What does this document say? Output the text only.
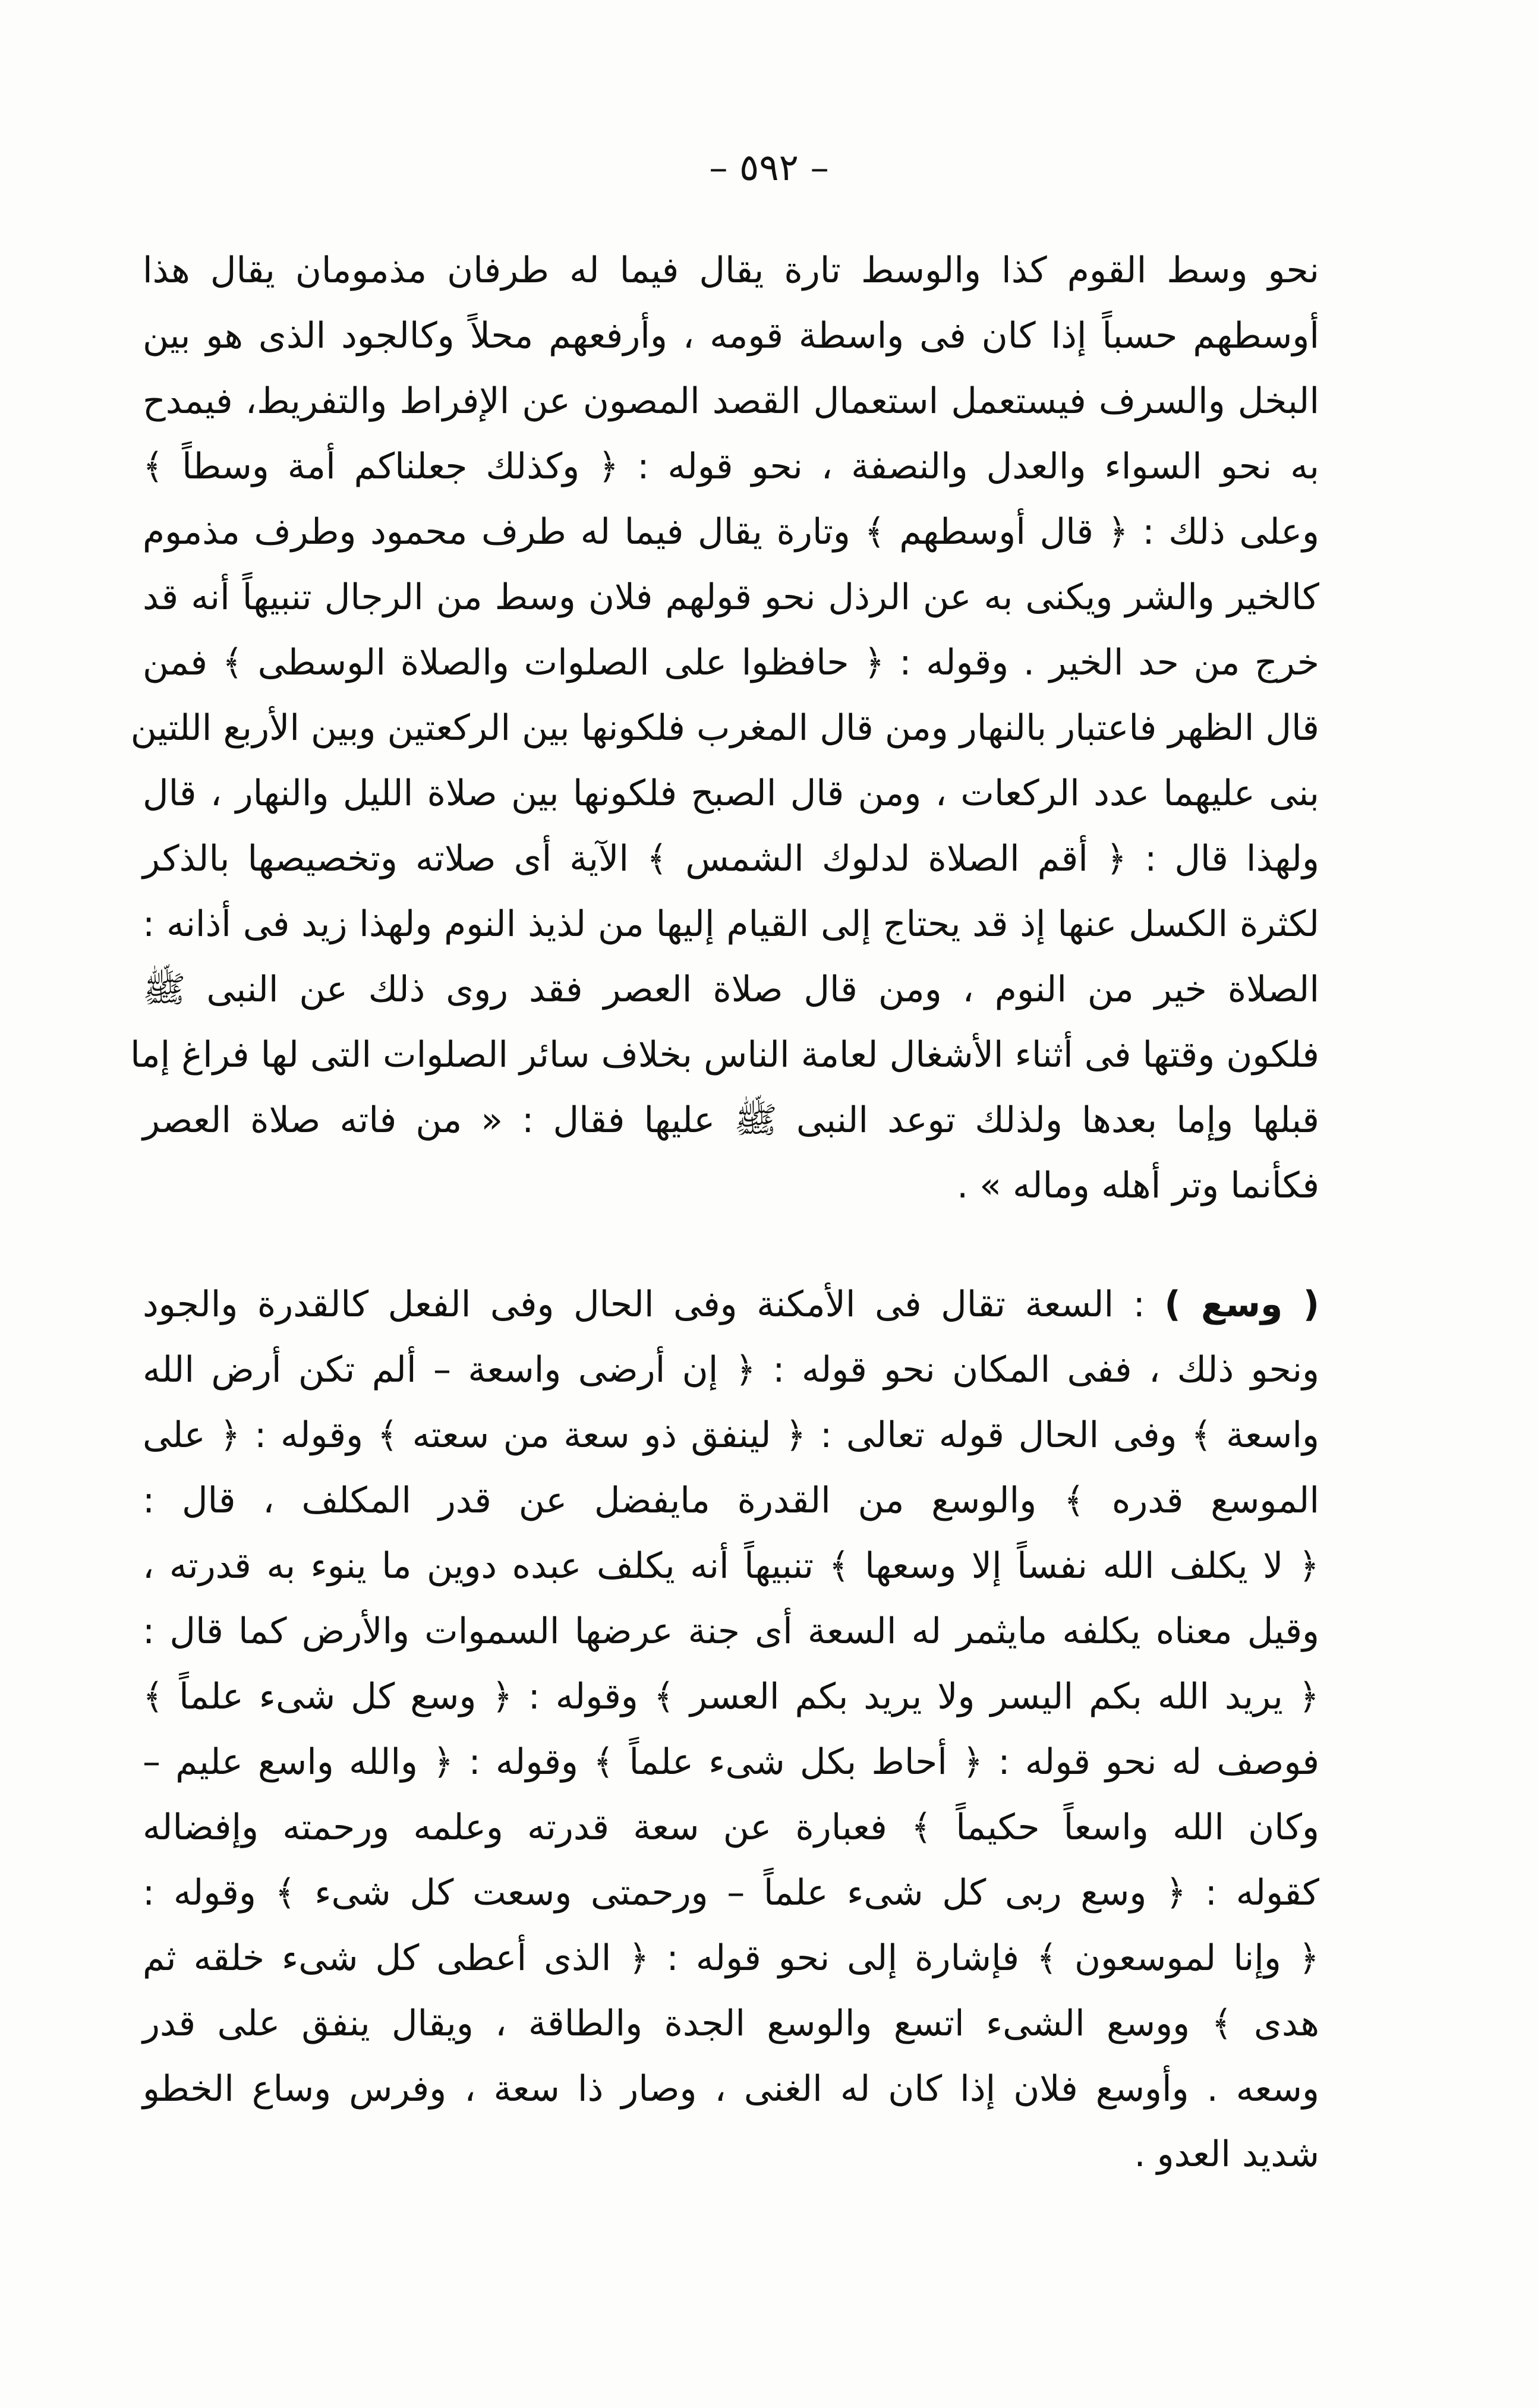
– ٥٩٢ –
نحو وسط القوم كذا والوسط تارة يقال فيما له طرفان مذمومان يقال هذا
أوسطهم حسباً إذا كان فى واسطة قومه ، وأرفعهم محلاً وكالجود الذى هو بين
البخل والسرف فيستعمل استعمال القصد المصون عن الإفراط والتفريط، فيمدح
به نحو السواء والعدل والنصفة ، نحو قوله : ﴿ وكذلك جعلناكم أمة وسطاً ﴾
وعلى ذلك : ﴿ قال أوسطهم ﴾ وتارة يقال فيما له طرف محمود وطرف مذموم
كالخير والشر ويكنى به عن الرذل نحو قولهم فلان وسط من الرجال تنبيهاً أنه قد
خرج من حد الخير . وقوله : ﴿ حافظوا على الصلوات والصلاة الوسطى ﴾ فمن
قال الظهر فاعتبار بالنهار ومن قال المغرب فلكونها بين الركعتين وبين الأربع اللتين
بنى عليهما عدد الركعات ، ومن قال الصبح فلكونها بين صلاة الليل والنهار ، قال
ولهذا قال : ﴿ أقم الصلاة لدلوك الشمس ﴾ الآية أى صلاته وتخصيصها بالذكر
لكثرة الكسل عنها إذ قد يحتاج إلى القيام إليها من لذيذ النوم ولهذا زيد فى أذانه :
الصلاة خير من النوم ، ومن قال صلاة العصر فقد روى ذلك عن النبى ﷺ
فلكون وقتها فى أثناء الأشغال لعامة الناس بخلاف سائر الصلوات التى لها فراغ إما
قبلها وإما بعدها ولذلك توعد النبى ﷺ عليها فقال : « من فاته صلاة العصر
فكأنما وتر أهله وماله » .
( وسع ) : السعة تقال فى الأمكنة وفى الحال وفى الفعل كالقدرة والجود
ونحو ذلك ، ففى المكان نحو قوله : ﴿ إن أرضى واسعة – ألم تكن أرض الله
واسعة ﴾ وفى الحال قوله تعالى : ﴿ لينفق ذو سعة من سعته ﴾ وقوله : ﴿ على
الموسع قدره ﴾ والوسع من القدرة مايفضل عن قدر المكلف ، قال :
﴿ لا يكلف الله نفساً إلا وسعها ﴾ تنبيهاً أنه يكلف عبده دوين ما ينوء به قدرته ،
وقيل معناه يكلفه مايثمر له السعة أى جنة عرضها السموات والأرض كما قال :
﴿ يريد الله بكم اليسر ولا يريد بكم العسر ﴾ وقوله : ﴿ وسع كل شىء علماً ﴾
فوصف له نحو قوله : ﴿ أحاط بكل شىء علماً ﴾ وقوله : ﴿ والله واسع عليم –
وكان الله واسعاً حكيماً ﴾ فعبارة عن سعة قدرته وعلمه ورحمته وإفضاله
كقوله : ﴿ وسع ربى كل شىء علماً – ورحمتى وسعت كل شىء ﴾ وقوله :
﴿ وإنا لموسعون ﴾ فإشارة إلى نحو قوله : ﴿ الذى أعطى كل شىء خلقه ثم
هدى ﴾ ووسع الشىء اتسع والوسع الجدة والطاقة ، ويقال ينفق على قدر
وسعه . وأوسع فلان إذا كان له الغنى ، وصار ذا سعة ، وفرس وساع الخطو
شديد العدو .
